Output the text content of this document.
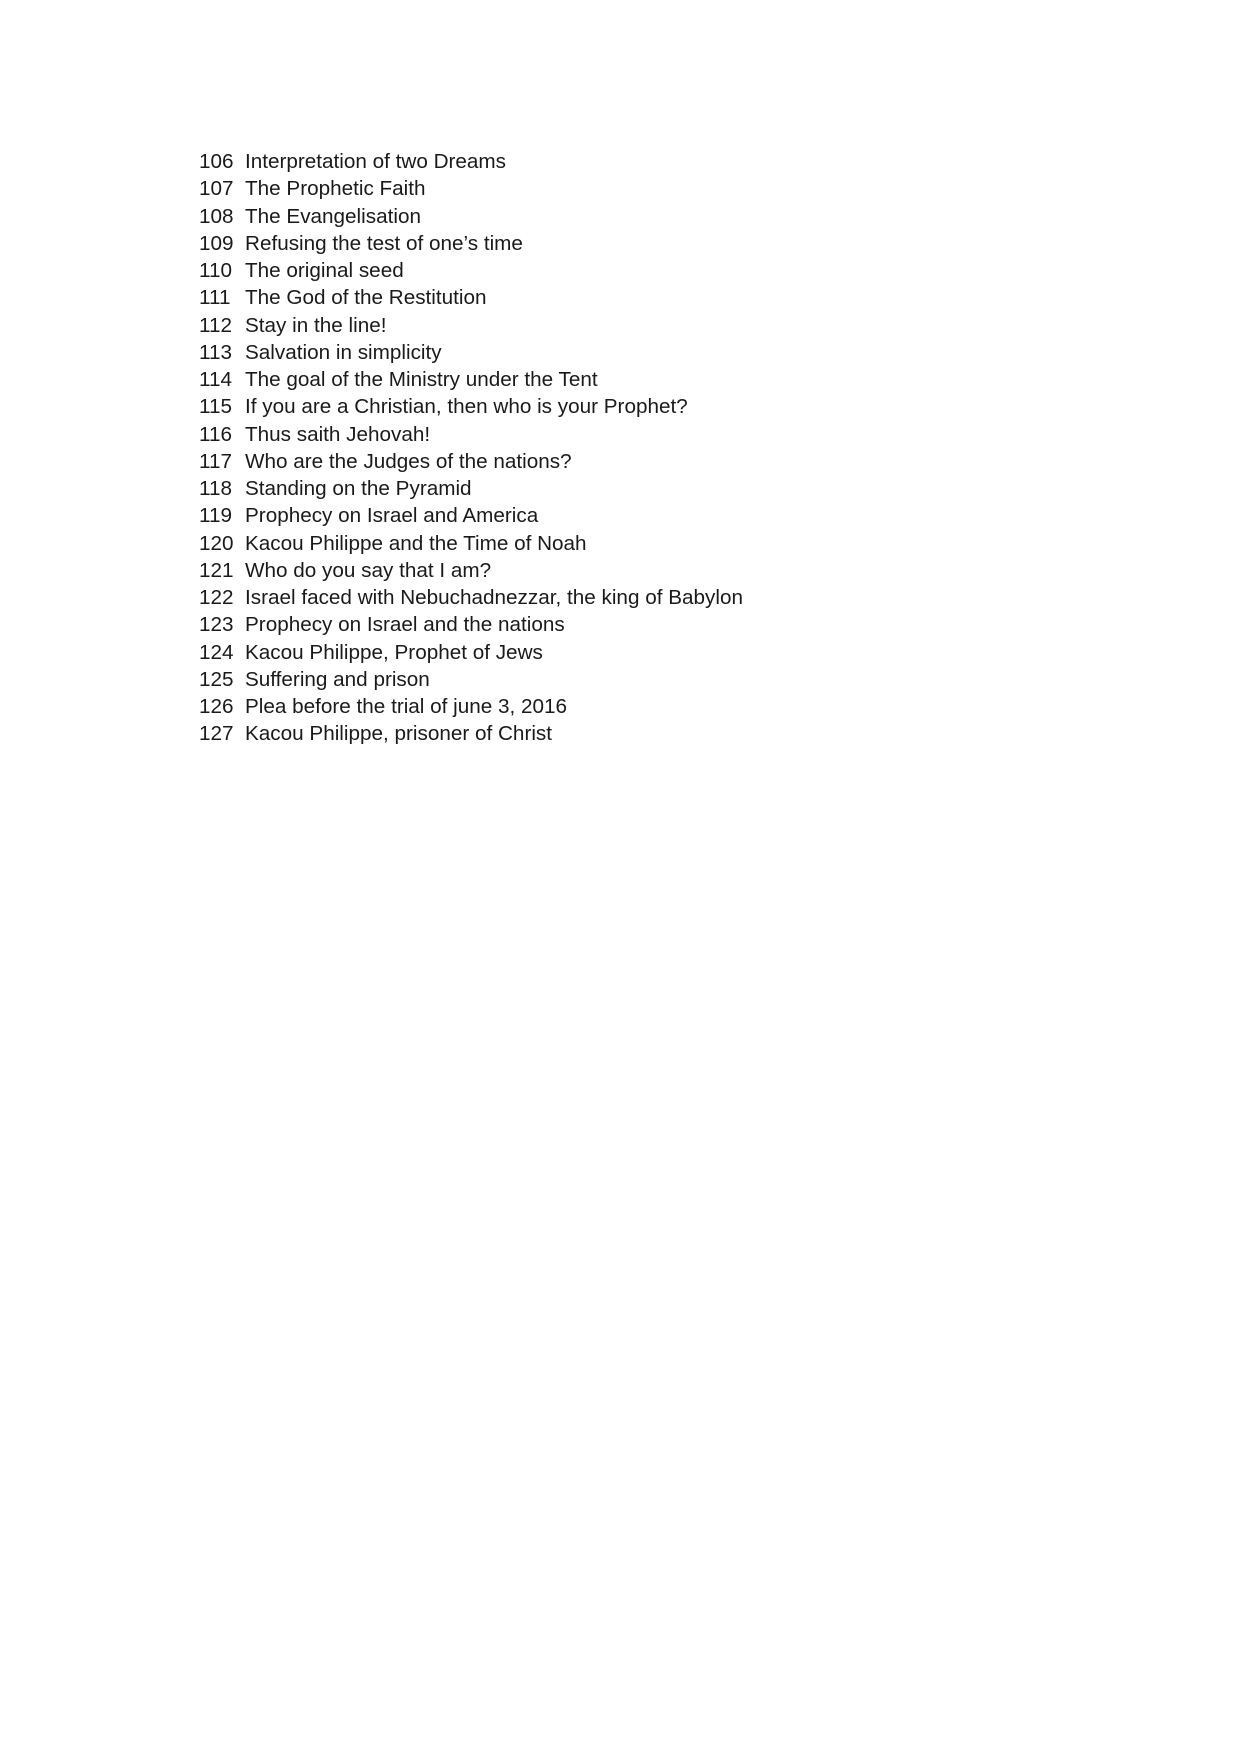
106 Interpretation of two Dreams
107 The Prophetic Faith
108 The Evangelisation
109 Refusing the test of one’s time
110 The original seed
111 The God of the Restitution
112 Stay in the line!
113 Salvation in simplicity
114 The goal of the Ministry under the Tent
115 If you are a Christian, then who is your Prophet?
116 Thus saith Jehovah!
117 Who are the Judges of the nations?
118 Standing on the Pyramid
119 Prophecy on Israel and America
120 Kacou Philippe and the Time of Noah
121 Who do you say that I am?
122 Israel faced with Nebuchadnezzar, the king of Babylon
123 Prophecy on Israel and the nations
124 Kacou Philippe, Prophet of Jews
125 Suffering and prison
126 Plea before the trial of june 3, 2016
127 Kacou Philippe, prisoner of Christ
